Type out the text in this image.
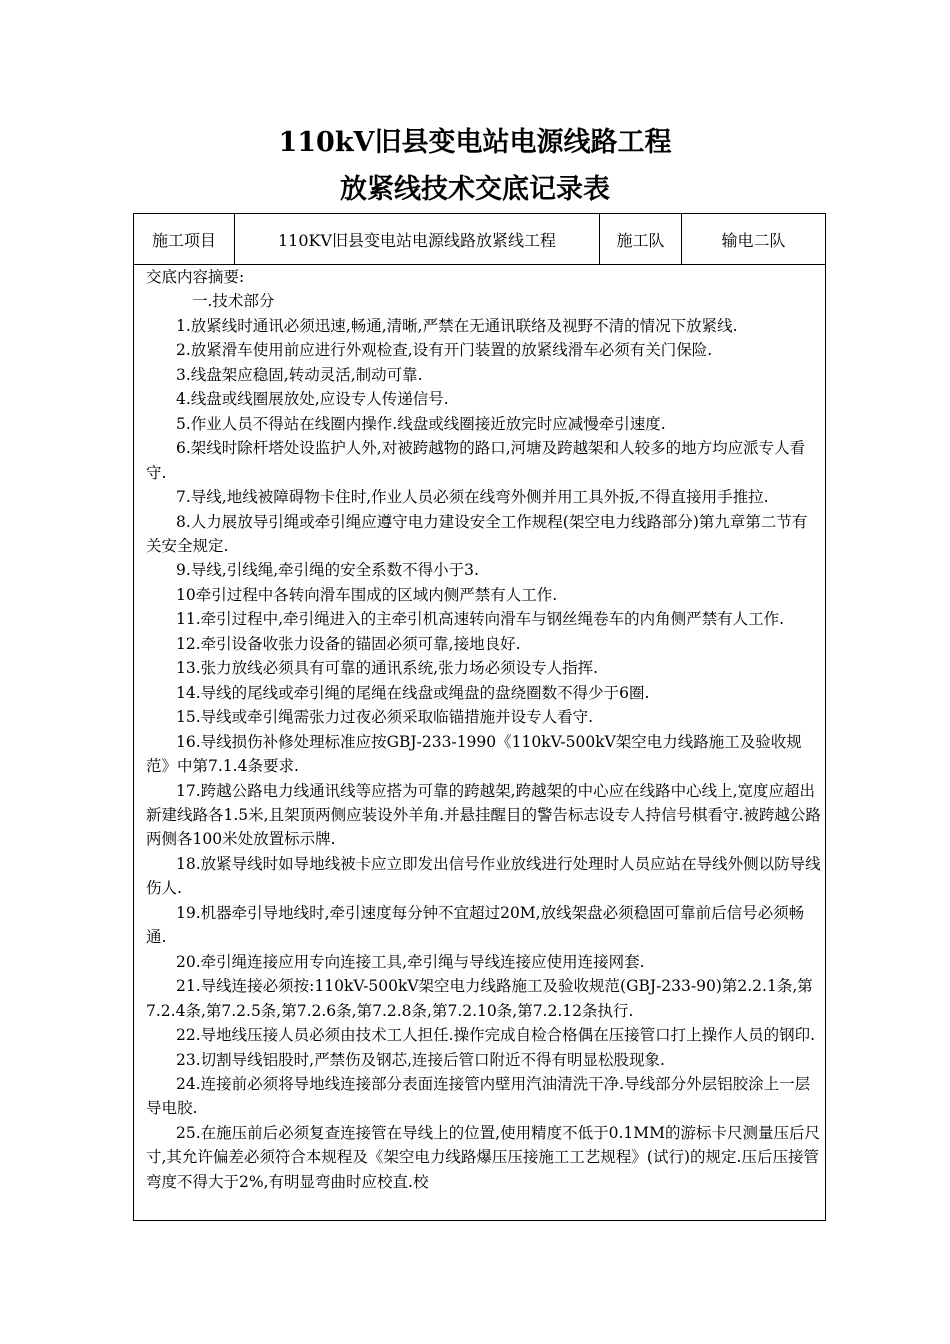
110kV旧县变电站电源线路工程
放紧线技术交底记录表
施工项目	110KV旧县变电站电源线路放紧线工程	施工队	输电二队

交底内容摘要:

一.技术部分

1.放紧线时通讯必须迅速,畅通,清晰,严禁在无通讯联络及视野不清的情况下放紧线.

2.放紧滑车使用前应进行外观检查,设有开门装置的放紧线滑车必须有关门保险.

3.线盘架应稳固,转动灵活,制动可靠.

4.线盘或线圈展放处,应设专人传递信号.

5.作业人员不得站在线圈内操作.线盘或线圈接近放完时应减慢牵引速度.

6.架线时除杆塔处设监护人外,对被跨越物的路口,河塘及跨越架和人较多的地方均应派专人看守.

7.导线,地线被障碍物卡住时,作业人员必须在线弯外侧并用工具外扳,不得直接用手推拉.

8.人力展放导引绳或牵引绳应遵守电力建设安全工作规程(架空电力线路部分)第九章第二节有关安全规定.

9.导线,引线绳,牵引绳的安全系数不得小于3.

10牵引过程中各转向滑车围成的区域内侧严禁有人工作.

11.牵引过程中,牵引绳进入的主牵引机高速转向滑车与钢丝绳卷车的内角侧严禁有人工作.

12.牵引设备收张力设备的锚固必须可靠,接地良好.

13.张力放线必须具有可靠的通讯系统,张力场必须设专人指挥.

14.导线的尾线或牵引绳的尾绳在线盘或绳盘的盘绕圈数不得少于6圈.

15.导线或牵引绳需张力过夜必须采取临锚措施并设专人看守.

16.导线损伤补修处理标准应按GBJ-233-1990《110kV-500kV架空电力线路施工及验收规范》中第7.1.4条要求.

17.跨越公路电力线通讯线等应搭为可靠的跨越架,跨越架的中心应在线路中心线上,宽度应超出新建线路各1.5米,且架顶两侧应装设外羊角.并悬挂醒目的警告标志设专人持信号棋看守.被跨越公路两侧各100米处放置标示牌.

18.放紧导线时如导地线被卡应立即发出信号作业放线进行处理时人员应站在导线外侧以防导线伤人.

19.机器牵引导地线时,牵引速度每分钟不宜超过20M,放线架盘必须稳固可靠前后信号必须畅通.

20.牵引绳连接应用专向连接工具,牵引绳与导线连接应使用连接网套.

21.导线连接必须按:110kV-500kV架空电力线路施工及验收规范(GBJ-233-90)第2.2.1条,第7.2.4条,第7.2.5条,第7.2.6条,第7.2.8条,第7.2.10条,第7.2.12条执行.

22.导地线压接人员必须由技术工人担任.操作完成自检合格偶在压接管口打上操作人员的钢印.

23.切割导线铝股时,严禁伤及钢芯,连接后管口附近不得有明显松股现象.

24.连接前必须将导地线连接部分表面连接管内壁用汽油清洗干净.导线部分外层铝胶涂上一层导电胶.

25.在施压前后必须复查连接管在导线上的位置,使用精度不低于0.1MM的游标卡尺测量压后尺寸,其允许偏差必须符合本规程及《架空电力线路爆压压接施工工艺规程》(试行)的规定.压后压接管弯度不得大于2%,有明显弯曲时应校直.校
